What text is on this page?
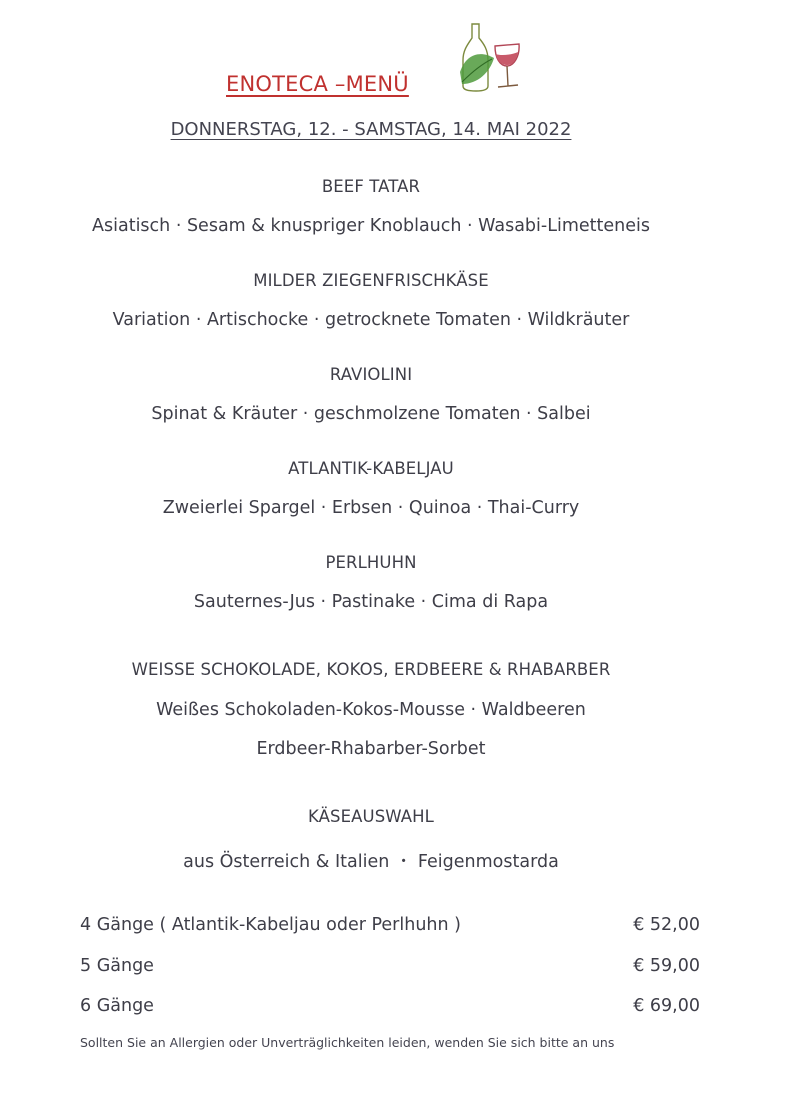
ENOTECA –MENÜ
DONNERSTAG, 12. - SAMSTAG, 14. MAI 2022
BEEF TATAR
Asiatisch · Sesam & knuspriger Knoblauch · Wasabi-Limetteneis
MILDER ZIEGENFRISCHKÄSE
Variation · Artischocke · getrocknete Tomaten · Wildkräuter
RAVIOLINI
Spinat & Kräuter · geschmolzene Tomaten · Salbei
ATLANTIK-KABELJAU
Zweierlei Spargel · Erbsen · Quinoa · Thai-Curry
PERLHUHN
Sauternes-Jus · Pastinake · Cima di Rapa
WEISSE SCHOKOLADE, KOKOS, ERDBEERE & RHABARBER
Weißes Schokoladen-Kokos-Mousse · Waldbeeren
Erdbeer-Rhabarber-Sorbet
KÄSEAUSWAHL
aus Österreich & Italien ・ Feigenmostarda
4 Gänge ( Atlantik-Kabeljau oder Perlhuhn )	€ 52,00
5 Gänge	€ 59,00
6 Gänge	€ 69,00
Sollten Sie an Allergien oder Unverträglichkeiten leiden, wenden Sie sich bitte an uns
